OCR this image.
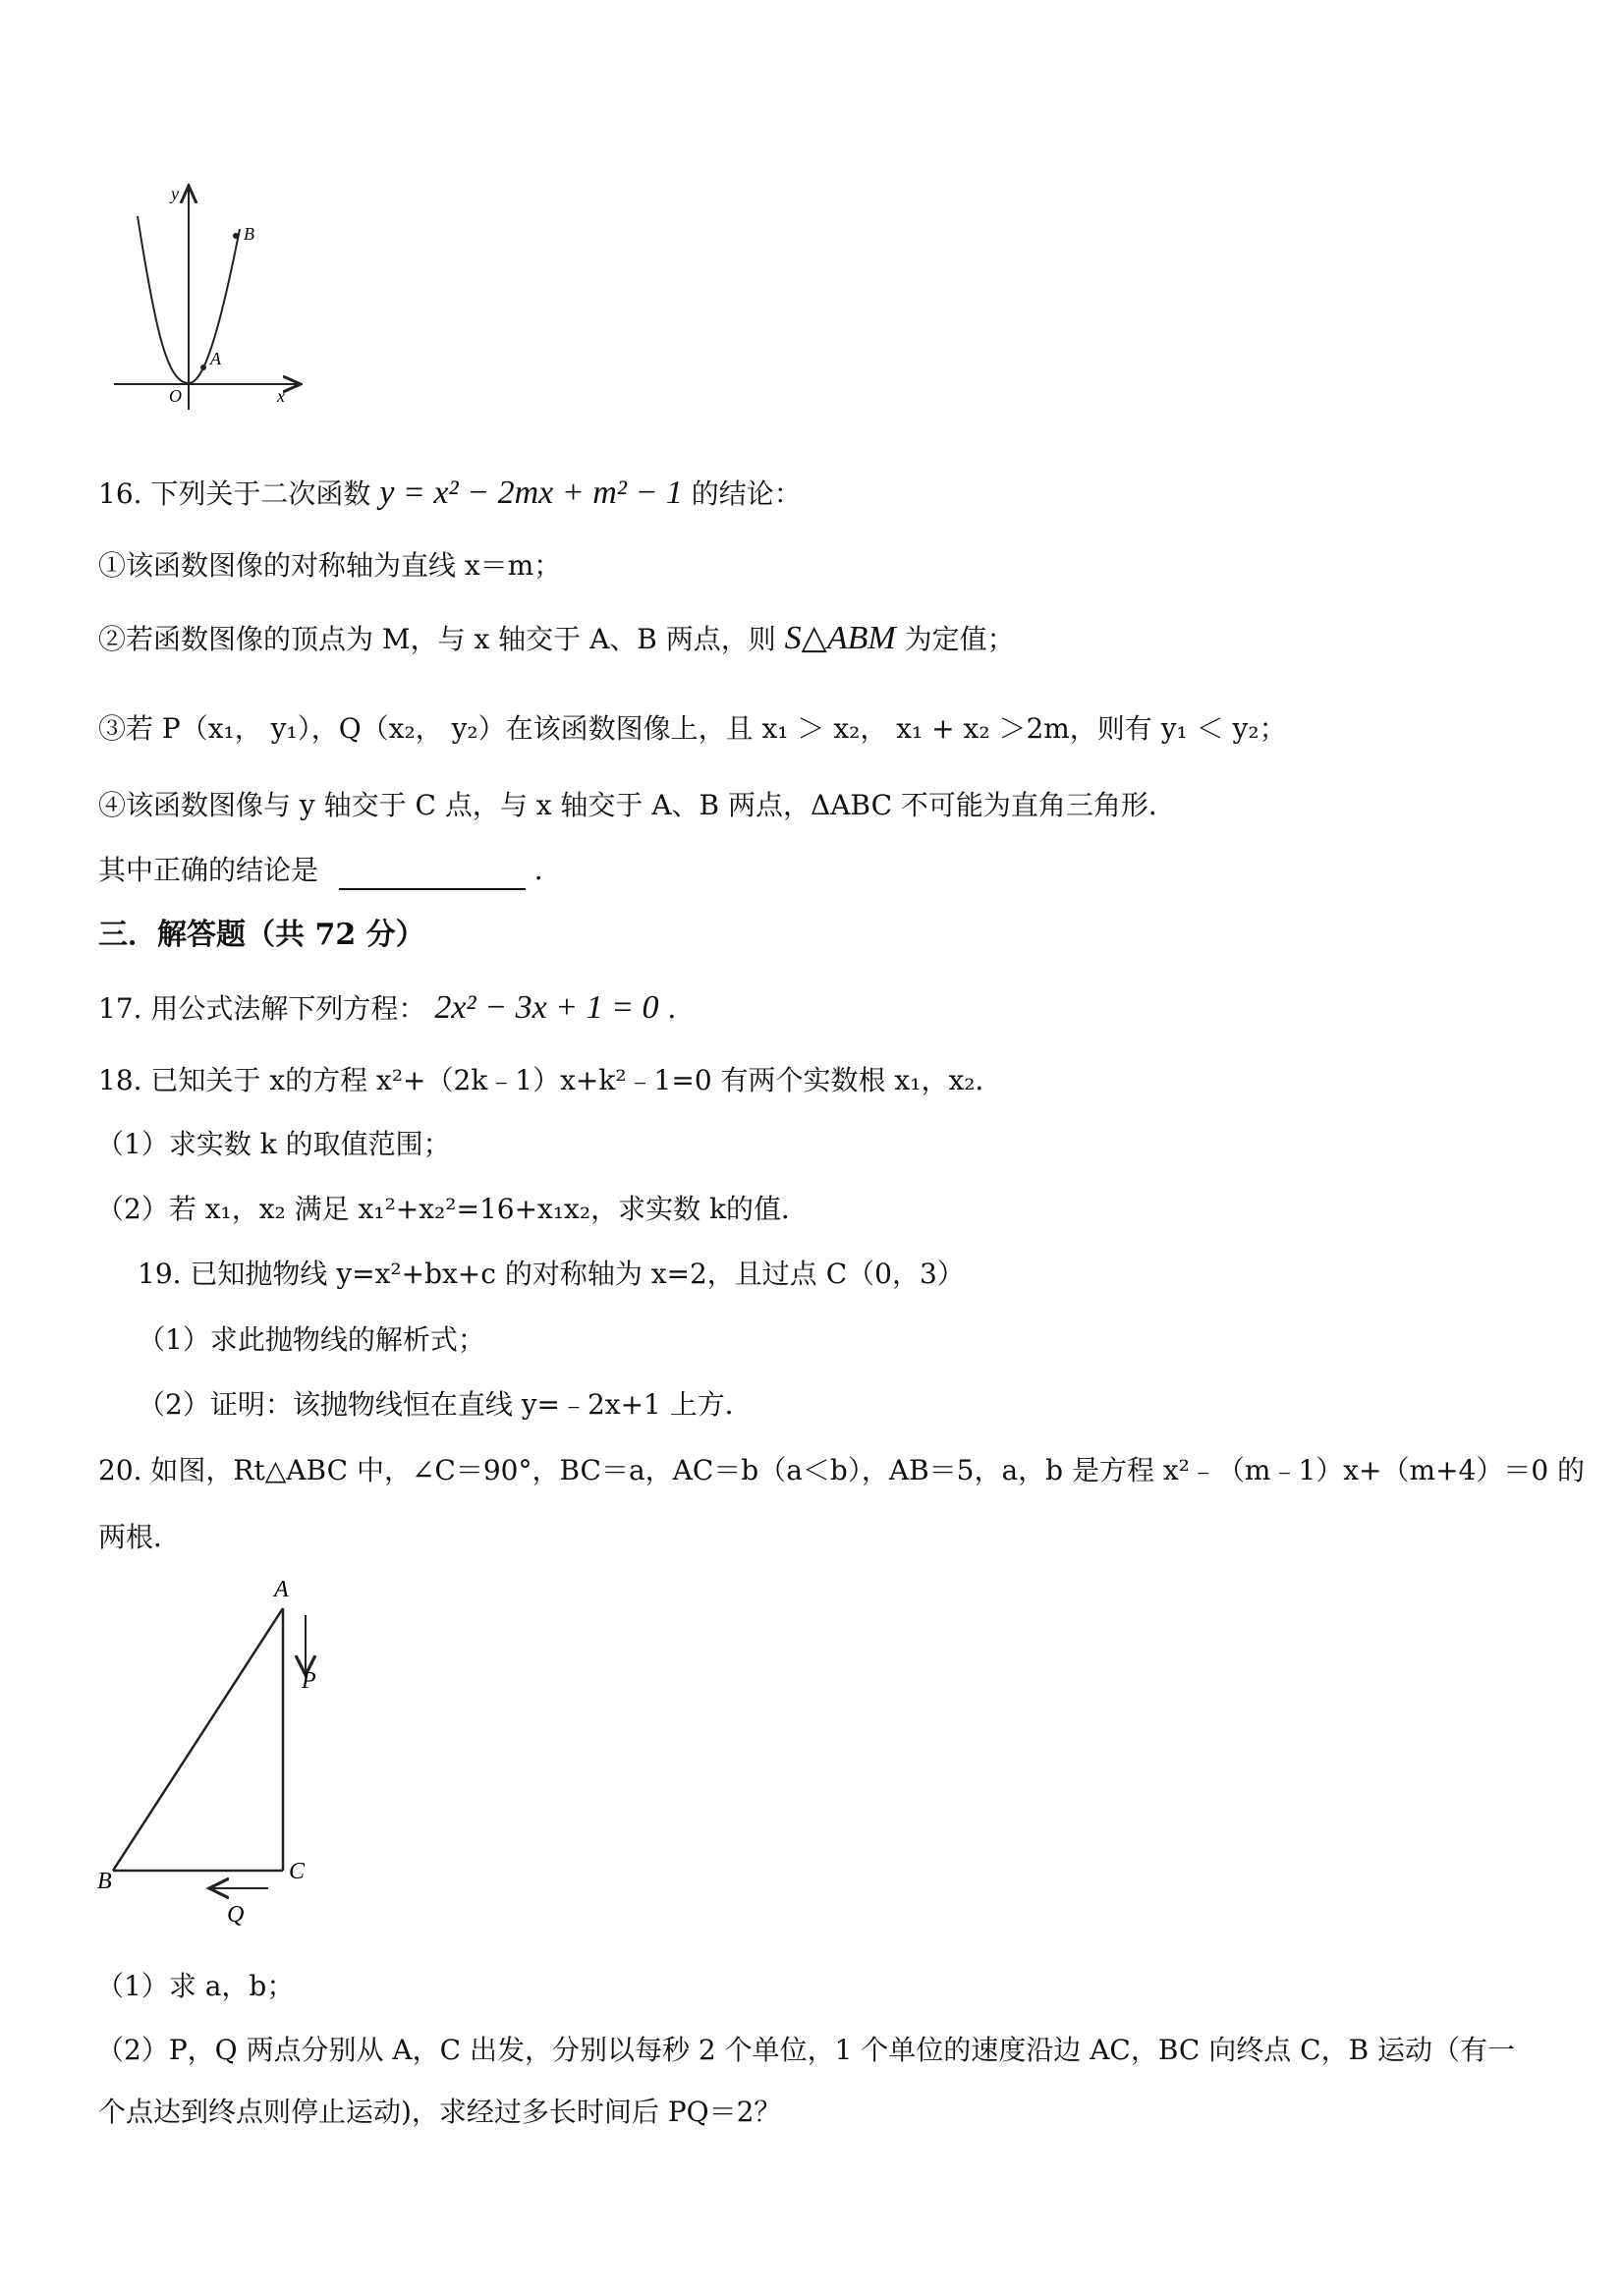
y
x
O
A
B
16. 下列关于二次函数 y = x² − 2mx + m² − 1 的结论：
①该函数图像的对称轴为直线 x＝m；
②若函数图像的顶点为 M，与 x 轴交于 A、B 两点，则 S△ABM 为定值；
③若 P（x₁， y₁），Q（x₂， y₂）在该函数图像上，且 x₁ ＞ x₂， x₁ + x₂ ＞2m，则有 y₁ ＜ y₂；
④该函数图像与 y 轴交于 C 点，与 x 轴交于 A、B 两点，ΔABC 不可能为直角三角形．
其中正确的结论是	．
三．解答题（共 72 分）
17. 用公式法解下列方程： 2x² − 3x + 1 = 0 ．
18. 已知关于 x的方程 x²+（2k﹣1）x+k²﹣1=0 有两个实数根 x₁，x₂．
（1）求实数 k 的取值范围；
（2）若 x₁，x₂ 满足 x₁²+x₂²=16+x₁x₂，求实数 k的值．
19. 已知抛物线 y=x²+bx+c 的对称轴为 x=2，且过点 C（0，3）
（1）求此抛物线的解析式；
（2）证明：该抛物线恒在直线 y=﹣2x+1 上方．
20. 如图，Rt△ABC 中，∠C＝90°，BC＝a，AC＝b（a＜b），AB＝5，a，b 是方程 x²﹣（m﹣1）x+（m+4）＝0 的
两根．
A
B	C
P
Q
（1）求 a，b；
（2）P，Q 两点分别从 A，C 出发，分别以每秒 2 个单位，1 个单位的速度沿边 AC，BC 向终点 C，B 运动（有一
个点达到终点则停止运动)，求经过多长时间后 PQ＝2？
